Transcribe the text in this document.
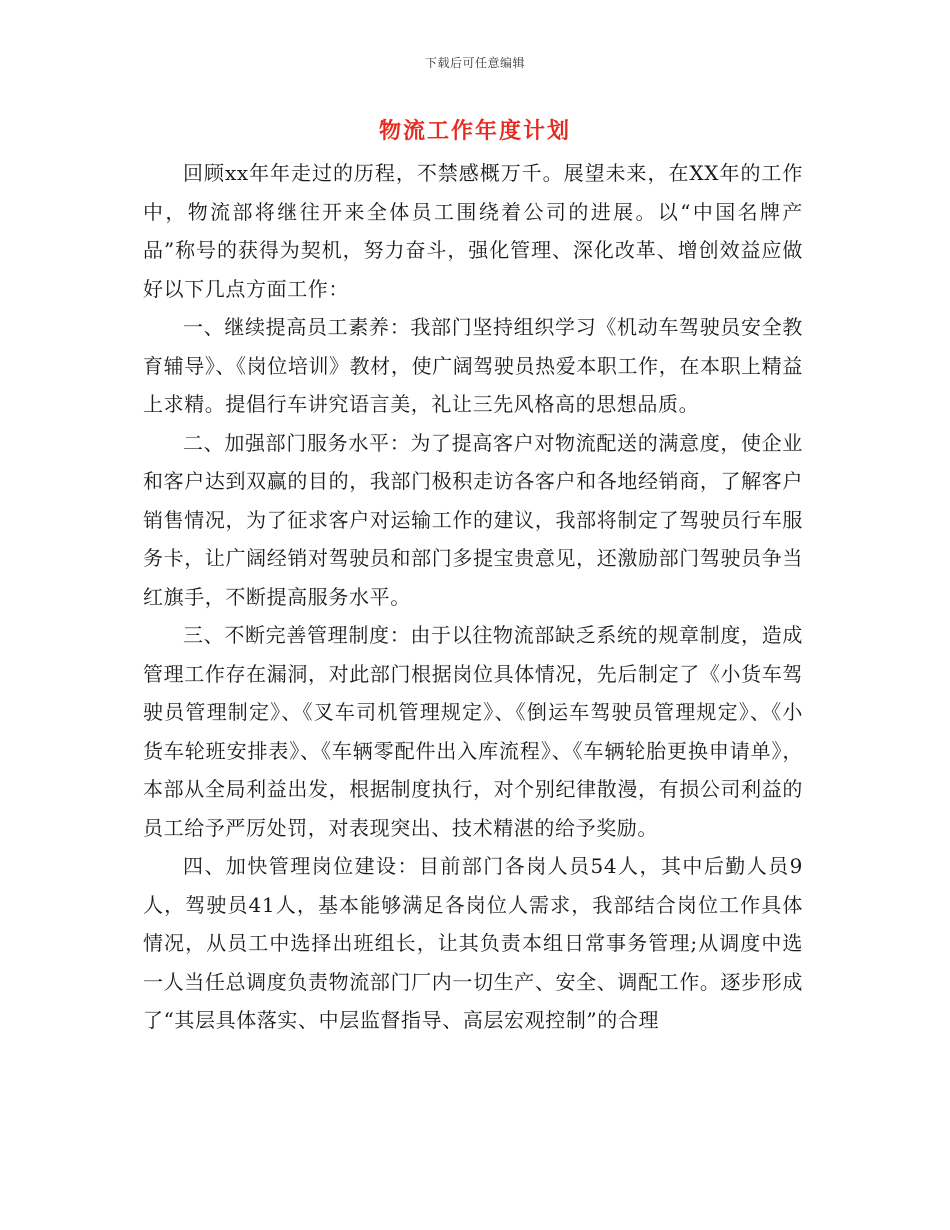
下载后可任意编辑
物流工作年度计划

回顾xx年年走过的历程，不禁感概万千。展望未来，在XX年的工作中，物流部将继往开来全体员工围绕着公司的进展。以“中国名牌产品”称号的获得为契机，努力奋斗，强化管理、深化改革、增创效益应做好以下几点方面工作：

一、继续提高员工素养：我部门坚持组织学习《机动车驾驶员安全教育辅导》、《岗位培训》教材，使广阔驾驶员热爱本职工作，在本职上精益上求精。提倡行车讲究语言美，礼让三先风格高的思想品质。

二、加强部门服务水平：为了提高客户对物流配送的满意度，使企业和客户达到双赢的目的，我部门极积走访各客户和各地经销商，了解客户销售情况，为了征求客户对运输工作的建议，我部将制定了驾驶员行车服务卡，让广阔经销对驾驶员和部门多提宝贵意见，还激励部门驾驶员争当红旗手，不断提高服务水平。

三、不断完善管理制度：由于以往物流部缺乏系统的规章制度，造成管理工作存在漏洞，对此部门根据岗位具体情况，先后制定了《小货车驾驶员管理制定》、《叉车司机管理规定》、《倒运车驾驶员管理规定》、《小货车轮班安排表》、《车辆零配件出入库流程》、《车辆轮胎更换申请单》，本部从全局利益出发，根据制度执行，对个别纪律散漫，有损公司利益的员工给予严厉处罚，对表现突出、技术精湛的给予奖励。

四、加快管理岗位建设：目前部门各岗人员54人，其中后勤人员9人，驾驶员41人，基本能够满足各岗位人需求，我部结合岗位工作具体情况，从员工中选择出班组长，让其负责本组日常事务管理;从调度中选一人当任总调度负责物流部门厂内一切生产、安全、调配工作。逐步形成了“其层具体落实、中层监督指导、高层宏观控制”的合理
